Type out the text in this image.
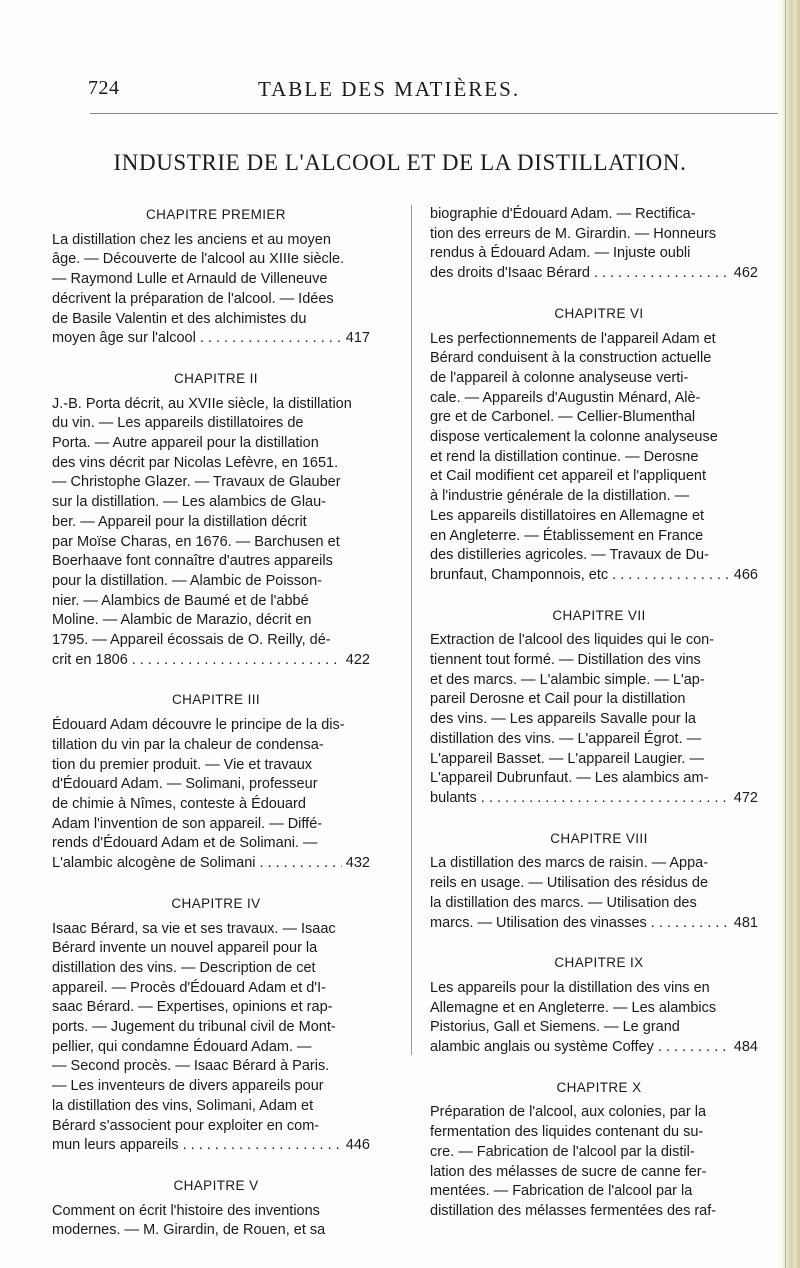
724	TABLE DES MATIÈRES.
INDUSTRIE DE L'ALCOOL ET DE LA DISTILLATION.
CHAPITRE PREMIER
La distillation chez les anciens et au moyen
âge. — Découverte de l'alcool au XIIIe siècle.
— Raymond Lulle et Arnauld de Villeneuve
décrivent la préparation de l'alcool. — Idées
de Basile Valentin et des alchimistes du
moyen âge sur l'alcool . . .	417
CHAPITRE II
J.-B. Porta décrit, au XVIIe siècle, la distillation
du vin. — Les appareils distillatoires de
Porta. — Autre appareil pour la distillation
des vins décrit par Nicolas Lefèvre, en 1651.
— Christophe Glazer. — Travaux de Glauber
sur la distillation. — Les alambics de Glau-
ber. — Appareil pour la distillation décrit
par Moïse Charas, en 1676. — Barchusen et
Boerhaave font connaître d'autres appareils
pour la distillation. — Alambic de Poisson-
nier. — Alambics de Baumé et de l'abbé
Moline. — Alambic de Marazio, décrit en
1795. — Appareil écossais de O. Reilly, dé-
crit en 1806 . . .	422
CHAPITRE III
Édouard Adam découvre le principe de la dis-
tillation du vin par la chaleur de condensa-
tion du premier produit. — Vie et travaux
d'Édouard Adam. — Solimani, professeur
de chimie à Nîmes, conteste à Édouard
Adam l'invention de son appareil. — Diffé-
rends d'Édouard Adam et de Solimani. —
L'alambic alcogène de Solimani . . .	432
CHAPITRE IV
Isaac Bérard, sa vie et ses travaux. — Isaac
Bérard invente un nouvel appareil pour la
distillation des vins. — Description de cet
appareil. — Procès d'Édouard Adam et d'I-
saac Bérard. — Expertises, opinions et rap-
ports. — Jugement du tribunal civil de Mont-
pellier, qui condamne Édouard Adam. —
— Second procès. — Isaac Bérard à Paris.
— Les inventeurs de divers appareils pour
la distillation des vins, Solimani, Adam et
Bérard s'associent pour exploiter en com-
mun leurs appareils . . .	446
CHAPITRE V
Comment on écrit l'histoire des inventions
modernes. — M. Girardin, de Rouen, et sa
biographie d'Édouard Adam. — Rectifica-
tion des erreurs de M. Girardin. — Honneurs
rendus à Édouard Adam. — Injuste oubli
des droits d'Isaac Bérard . . .	462
CHAPITRE VI
Les perfectionnements de l'appareil Adam et
Bérard conduisent à la construction actuelle
de l'appareil à colonne analyseuse verti-
cale. — Appareils d'Augustin Ménard, Alè-
gre et de Carbonel. — Cellier-Blumenthal
dispose verticalement la colonne analyseuse
et rend la distillation continue. — Derosne
et Cail modifient cet appareil et l'appliquent
à l'industrie générale de la distillation. —
Les appareils distillatoires en Allemagne et
en Angleterre. — Établissement en France
des distilleries agricoles. — Travaux de Du-
brunfaut, Champonnois, etc . . .	466
CHAPITRE VII
Extraction de l'alcool des liquides qui le con-
tiennent tout formé. — Distillation des vins
et des marcs. — L'alambic simple. — L'ap-
pareil Derosne et Cail pour la distillation
des vins. — Les appareils Savalle pour la
distillation des vins. — L'appareil Égrot. —
L'appareil Basset. — L'appareil Laugier. —
L'appareil Dubrunfaut. — Les alambics am-
bulants . . .	472
CHAPITRE VIII
La distillation des marcs de raisin. — Appa-
reils en usage. — Utilisation des résidus de
la distillation des marcs. — Utilisation des
marcs. — Utilisation des vinasses . . .	481
CHAPITRE IX
Les appareils pour la distillation des vins en
Allemagne et en Angleterre. — Les alambics
Pistorius, Gall et Siemens. — Le grand
alambic anglais ou système Coffey . . .	484
CHAPITRE X
Préparation de l'alcool, aux colonies, par la
fermentation des liquides contenant du su-
cre. — Fabrication de l'alcool par la distil-
lation des mélasses de sucre de canne fer-
mentées. — Fabrication de l'alcool par la
distillation des mélasses fermentées des raf-
